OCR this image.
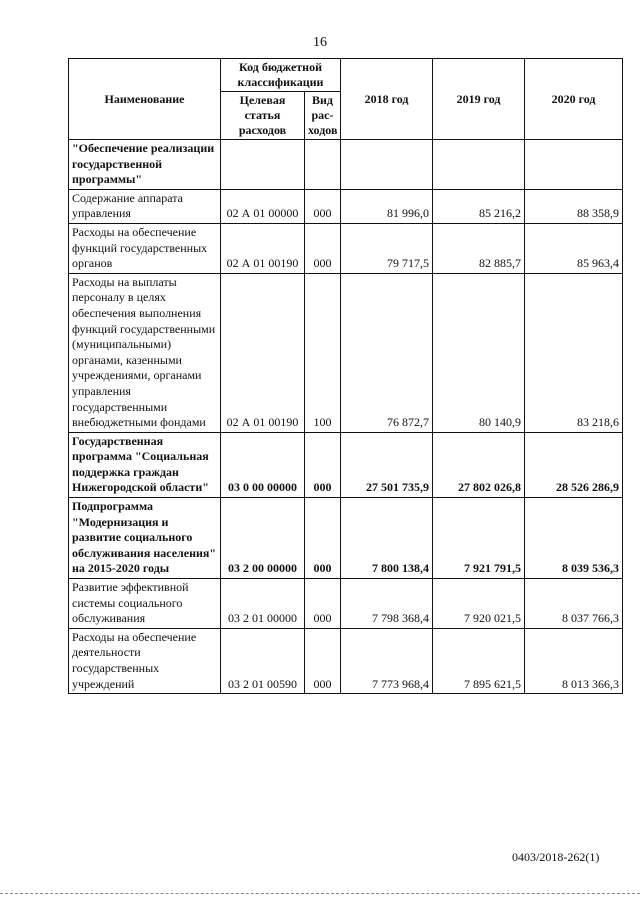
16
Наименование	Код бюджетной классификации		2018 год	2019 год	2020 год
	Целевая статья расходов	Вид рас-ходов			
"Обеспечение реализации государственной программы"					
Содержание аппарата управления	02 А 01 00000	000	81 996,0	85 216,2	88 358,9
Расходы на обеспечение функций государственных органов	02 А 01 00190	000	79 717,5	82 885,7	85 963,4
Расходы на выплаты персоналу в целях обеспечения выполнения функций государственными (муниципальными) органами, казенными учреждениями, органами управления государственными внебюджетными фондами	02 А 01 00190	100	76 872,7	80 140,9	83 218,6
Государственная программа "Социальная поддержка граждан Нижегородской области"	03 0 00 00000	000	27 501 735,9	27 802 026,8	28 526 286,9
Подпрограмма "Модернизация и развитие социального обслуживания населения" на 2015-2020 годы	03 2 00 00000	000	7 800 138,4	7 921 791,5	8 039 536,3
Развитие эффективной системы социального обслуживания	03 2 01 00000	000	7 798 368,4	7 920 021,5	8 037 766,3
Расходы на обеспечение деятельности государственных учреждений	03 2 01 00590	000	7 773 968,4	7 895 621,5	8 013 366,3
0403/2018-262(1)
